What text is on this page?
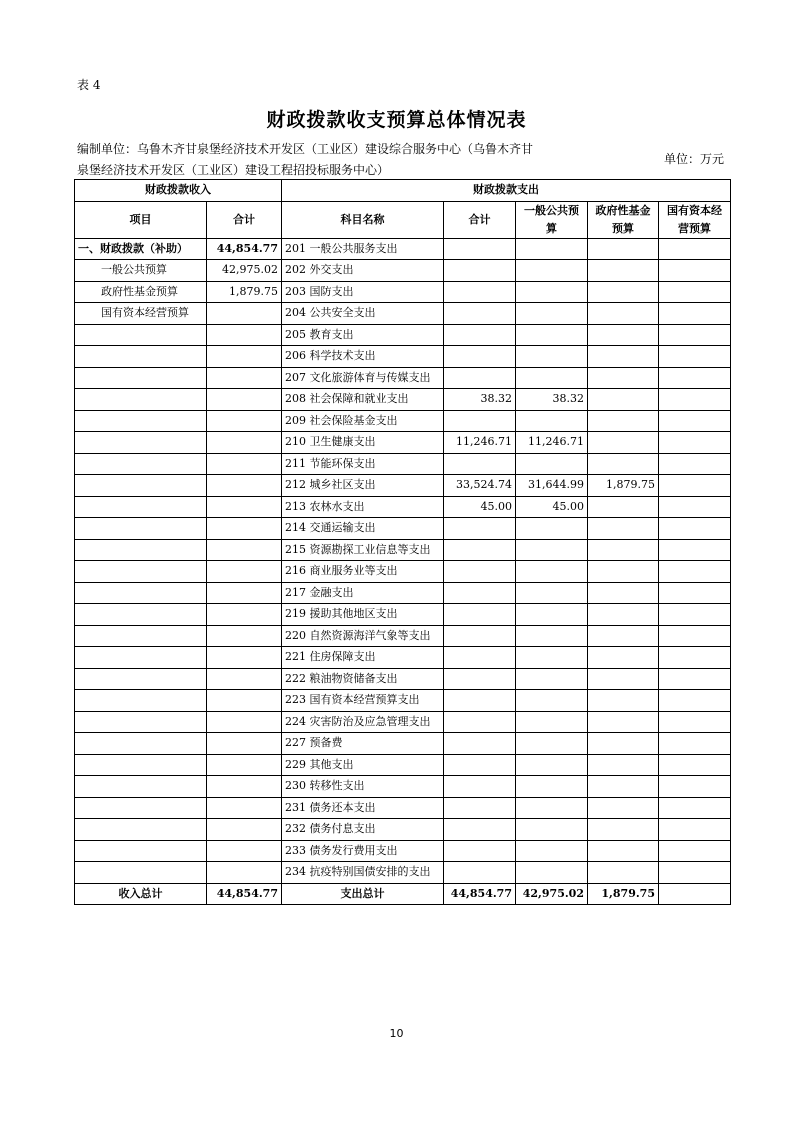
表 4
财政拨款收支预算总体情况表
编制单位：乌鲁木齐甘泉堡经济技术开发区（工业区）建设综合服务中心（乌鲁木齐甘泉堡经济技术开发区（工业区）建设工程招投标服务中心）
单位：万元
财政拨款收入		财政拨款支出				
项目	合计	科目名称	合计	一般公共预算	政府性基金预算	国有资本经营预算
一、财政拨款（补助）	44,854.77	201 一般公共服务支出				
一般公共预算	42,975.02	202 外交支出				
政府性基金预算	1,879.75	203 国防支出				
国有资本经营预算		204 公共安全支出				
		205 教育支出				
		206 科学技术支出				
		207 文化旅游体育与传媒支出				
		208 社会保障和就业支出	38.32	38.32		
		209 社会保险基金支出				
		210 卫生健康支出	11,246.71	11,246.71		
		211 节能环保支出				
		212 城乡社区支出	33,524.74	31,644.99	1,879.75	
		213 农林水支出	45.00	45.00		
		214 交通运输支出				
		215 资源勘探工业信息等支出				
		216 商业服务业等支出				
		217 金融支出				
		219 援助其他地区支出				
		220 自然资源海洋气象等支出				
		221 住房保障支出				
		222 粮油物资储备支出				
		223 国有资本经营预算支出				
		224 灾害防治及应急管理支出				
		227 预备费				
		229 其他支出				
		230 转移性支出				
		231 债务还本支出				
		232 债务付息支出				
		233 债务发行费用支出				
		234 抗疫特别国债安排的支出				
收入总计	44,854.77	支出总计	44,854.77	42,975.02	1,879.75	
10
